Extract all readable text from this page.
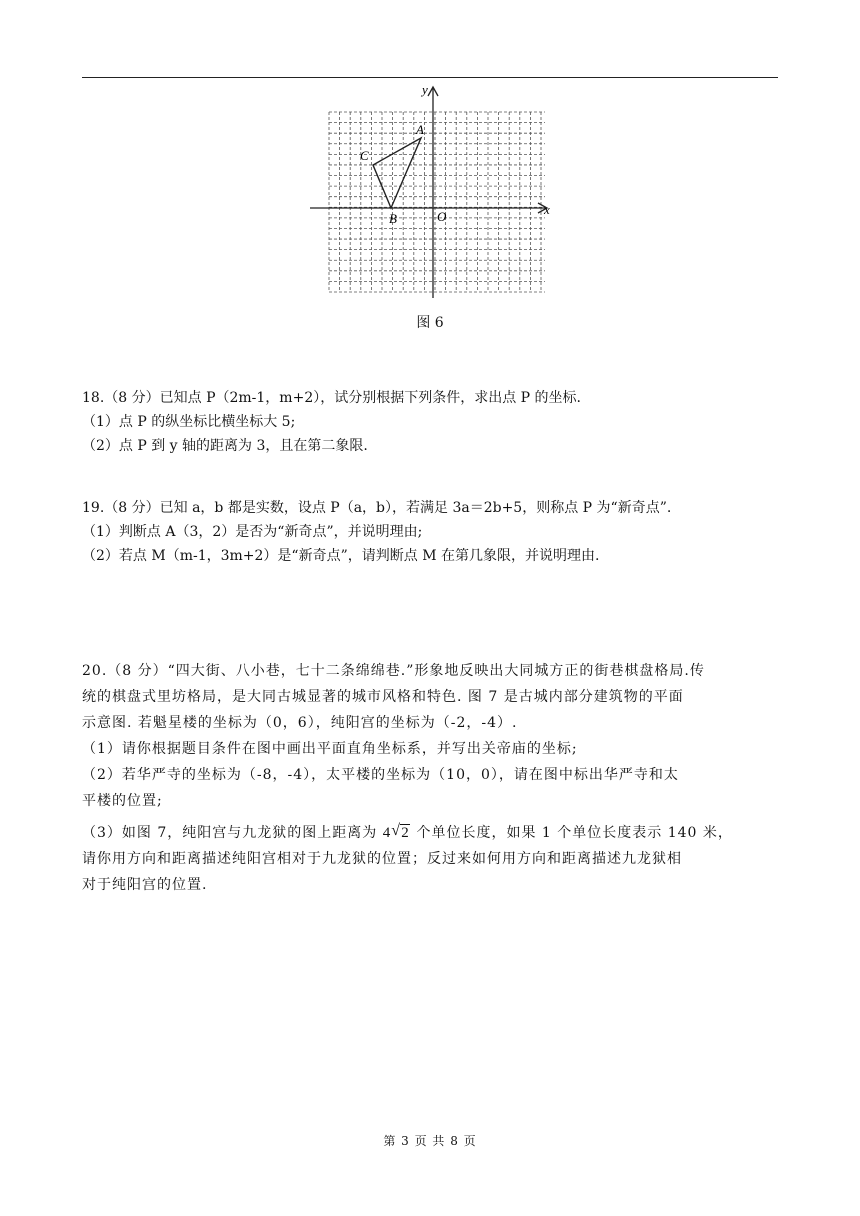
x
y
A
C
B	O
图 6
18.（8 分）已知点 P（2m-1，m+2），试分别根据下列条件，求出点 P 的坐标.
（1）点 P 的纵坐标比横坐标大 5;
（2）点 P 到 y 轴的距离为 3，且在第二象限.
19.（8 分）已知 a，b 都是实数，设点 P（a，b），若满足 3a＝2b+5，则称点 P 为“新奇点”.
（1）判断点 A（3，2）是否为“新奇点”，并说明理由;
（2）若点 M（m-1，3m+2）是“新奇点”，请判断点 M 在第几象限，并说明理由.
20.（8 分）“四大街、八小巷，七十二条绵绵巷.”形象地反映出大同城方正的街巷棋盘格局.传
统的棋盘式里坊格局，是大同古城显著的城市风格和特色. 图 7 是古城内部分建筑物的平面
示意图. 若魁星楼的坐标为（0，6），纯阳宫的坐标为（-2，-4）.
（1）请你根据题目条件在图中画出平面直角坐标系，并写出关帝庙的坐标;
（2）若华严寺的坐标为（-8，-4），太平楼的坐标为（10，0），请在图中标出华严寺和太
平楼的位置;
（3）如图 7，纯阳宫与九龙狱的图上距离为 4 √ 2 个单位长度，如果 1 个单位长度表示 140 米，
请你用方向和距离描述纯阳宫相对于九龙狱的位置；反过来如何用方向和距离描述九龙狱相
对于纯阳宫的位置.
第 3 页 共 8 页
